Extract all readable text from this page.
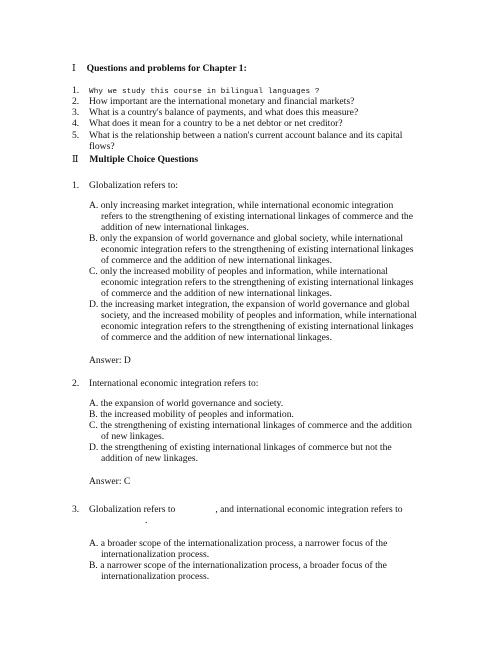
Ⅰ Questions and problems for Chapter 1:
1. Why we study this course in bilingual languages ?
2. How important are the international monetary and financial markets?
3. What is a country's balance of payments, and what does this measure?
4. What does it mean for a country to be a net debtor or net creditor?
5. What is the relationship between a nation's current account balance and its capital
flows?
Ⅱ Multiple Choice Questions
1. Globalization refers to:
A. only increasing market integration, while international economic integration
refers to the strengthening of existing international linkages of commerce and the
addition of new international linkages.
B. only the expansion of world governance and global society, while international
economic integration refers to the strengthening of existing international linkages
of commerce and the addition of new international linkages.
C. only the increased mobility of peoples and information, while international
economic integration refers to the strengthening of existing international linkages
of commerce and the addition of new international linkages.
D. the increasing market integration, the expansion of world governance and global
society, and the increased mobility of peoples and information, while international
economic integration refers to the strengthening of existing international linkages
of commerce and the addition of new international linkages.
Answer: D
2. International economic integration refers to:
A. the expansion of world governance and society.
B. the increased mobility of peoples and information.
C. the strengthening of existing international linkages of commerce and the addition
of new linkages.
D. the strengthening of existing international linkages of commerce but not the
addition of new linkages.
Answer: C
3. Globalization refers to	, and international economic integration refers to
.
A. a broader scope of the internationalization process, a narrower focus of the
internationalization process.
B. a narrower scope of the internationalization process, a broader focus of the
internationalization process.
